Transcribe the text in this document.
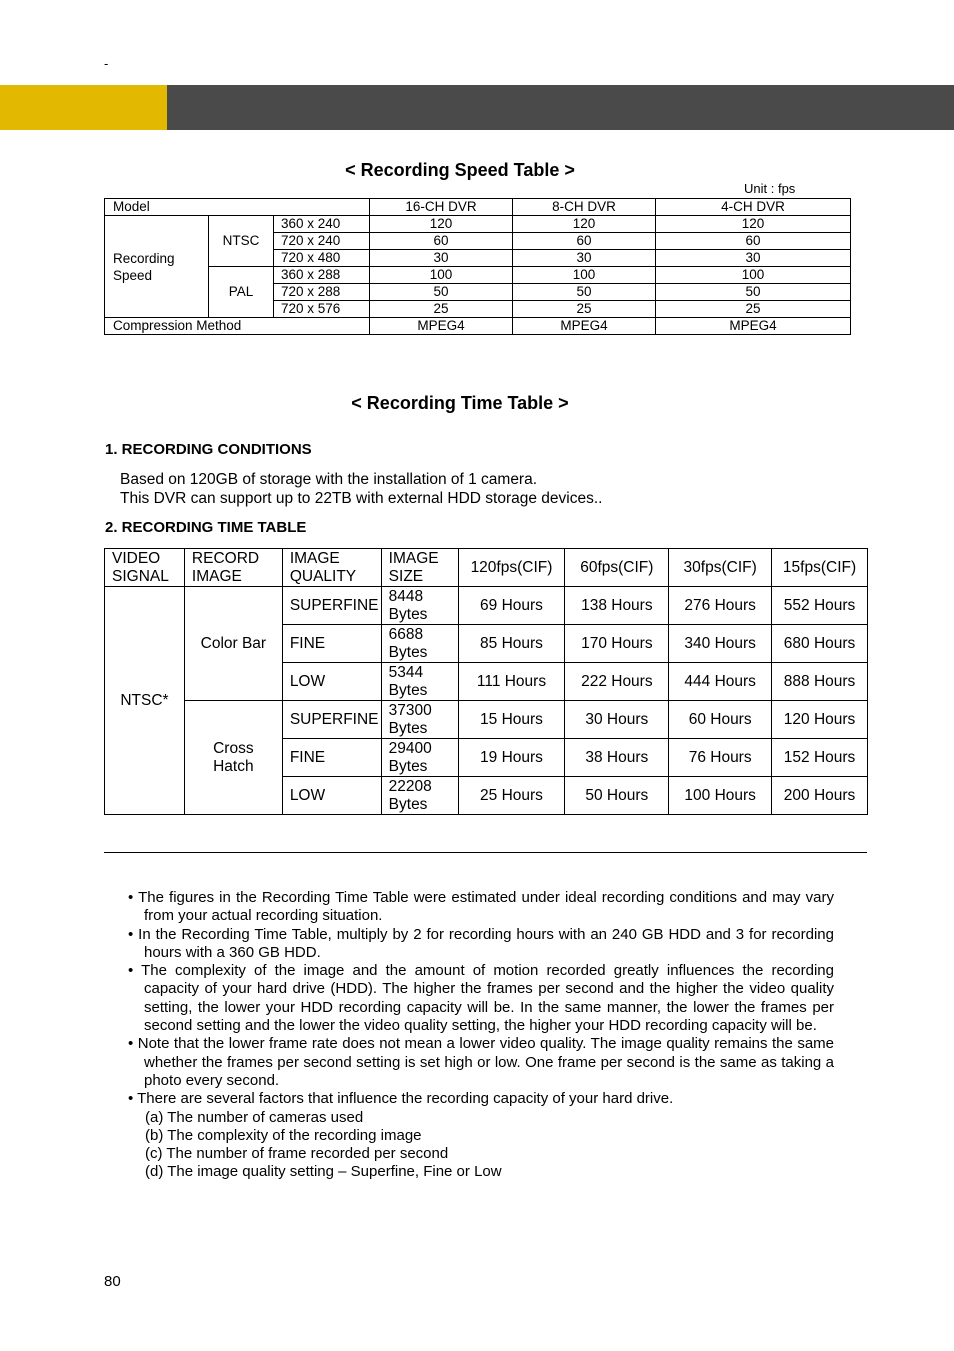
-
< Recording Speed Table >
Unit : fps
Model			16-CH DVR	8-CH DVR	4-CH DVR
Recording Speed	NTSC	360 x 240	120	120	120
		720 x 240	60	60	60
		720 x 480	30	30	30
	PAL	360 x 288	100	100	100
		720 x 288	50	50	50
		720 x 576	25	25	25
Compression Method			MPEG4	MPEG4	MPEG4
< Recording Time Table >
1. RECORDING CONDITIONS
Based on 120GB of storage with the installation of 1 camera.
This DVR can support up to 22TB with external HDD storage devices..
2. RECORDING TIME TABLE
VIDEO SIGNAL	RECORD IMAGE	IMAGE QUALITY	IMAGE SIZE	120fps(CIF)	60fps(CIF)	30fps(CIF)	15fps(CIF)
NTSC*	Color Bar	SUPERFINE	8448 Bytes	69 Hours	138 Hours	276 Hours	552 Hours
		FINE	6688 Bytes	85 Hours	170 Hours	340 Hours	680 Hours
		LOW	5344 Bytes	111 Hours	222 Hours	444 Hours	888 Hours
	Cross Hatch	SUPERFINE	37300 Bytes	15 Hours	30 Hours	60 Hours	120 Hours
		FINE	29400 Bytes	19 Hours	38 Hours	76 Hours	152 Hours
		LOW	22208 Bytes	25 Hours	50 Hours	100 Hours	200 Hours

• The figures in the Recording Time Table were estimated under ideal recording conditions and may vary from your actual recording situation.

• In the Recording Time Table, multiply by 2 for recording hours with an 240 GB HDD and 3 for recording hours with a 360 GB HDD.

• The complexity of the image and the amount of motion recorded greatly influences the recording capacity of your hard drive (HDD). The higher the frames per second and the higher the video quality setting, the lower your HDD recording capacity will be. In the same manner, the lower the frames per second setting and the lower the video quality setting, the higher your HDD recording capacity will be.

• Note that the lower frame rate does not mean a lower video quality. The image quality remains the same whether the frames per second setting is set high or low. One frame per second is the same as taking a photo every second.

• There are several factors that influence the recording capacity of your hard drive.

(a) The number of cameras used

(b) The complexity of the recording image

(c) The number of frame recorded per second

(d) The image quality setting – Superfine, Fine or Low

80
